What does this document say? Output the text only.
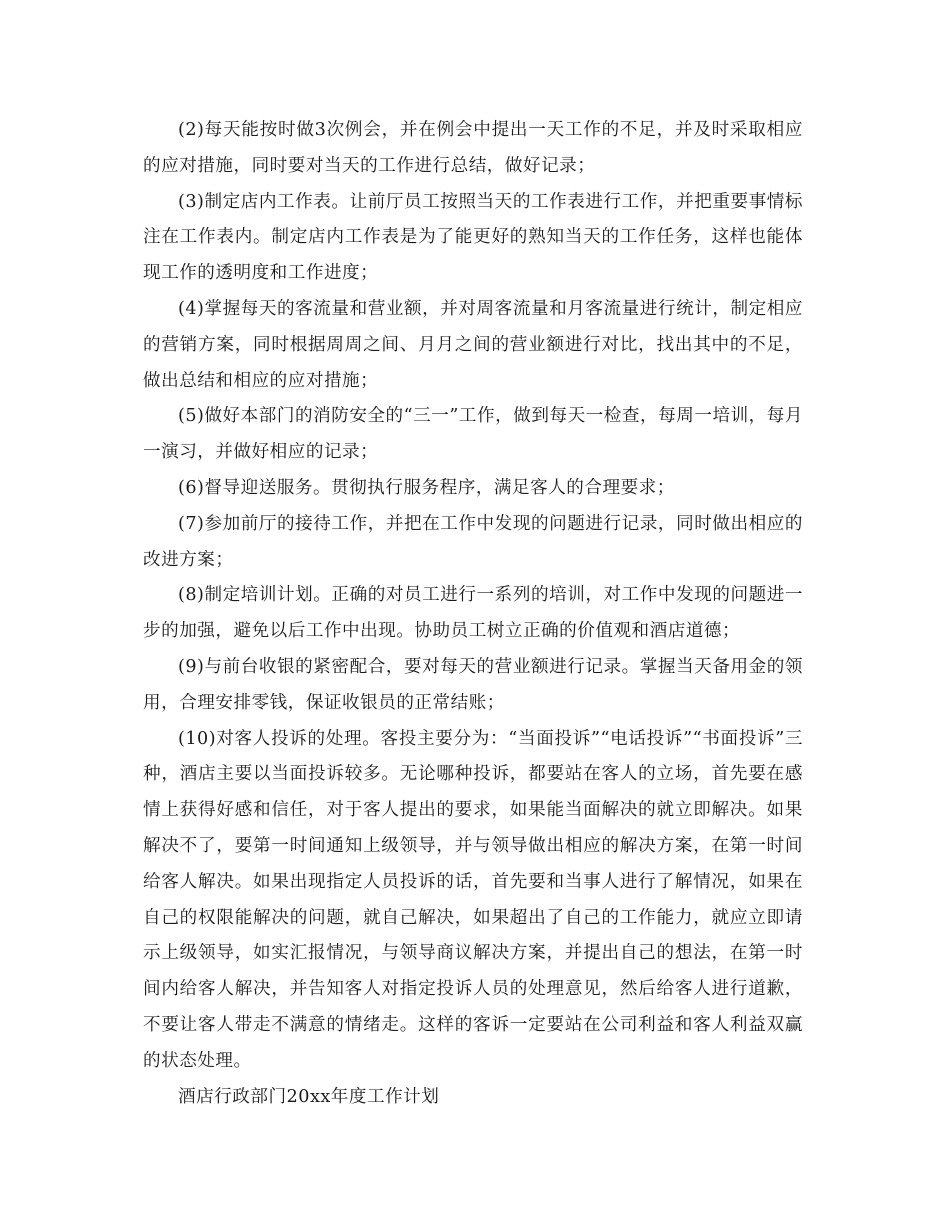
(2)每天能按时做3次例会，并在例会中提出一天工作的不足，并及时采取相应的应对措施，同时要对当天的工作进行总结，做好记录；

(3)制定店内工作表。让前厅员工按照当天的工作表进行工作，并把重要事情标注在工作表内。制定店内工作表是为了能更好的熟知当天的工作任务，这样也能体现工作的透明度和工作进度；

(4)掌握每天的客流量和营业额，并对周客流量和月客流量进行统计，制定相应的营销方案，同时根据周周之间、月月之间的营业额进行对比，找出其中的不足，做出总结和相应的应对措施；

(5)做好本部门的消防安全的“三一”工作，做到每天一检查，每周一培训，每月一演习，并做好相应的记录；

(6)督导迎送服务。贯彻执行服务程序，满足客人的合理要求；

(7)参加前厅的接待工作，并把在工作中发现的问题进行记录，同时做出相应的改进方案；

(8)制定培训计划。正确的对员工进行一系列的培训，对工作中发现的问题进一步的加强，避免以后工作中出现。协助员工树立正确的价值观和酒店道德；

(9)与前台收银的紧密配合，要对每天的营业额进行记录。掌握当天备用金的领用，合理安排零钱，保证收银员的正常结账；

(10)对客人投诉的处理。客投主要分为：“当面投诉”“电话投诉”“书面投诉”三种，酒店主要以当面投诉较多。无论哪种投诉，都要站在客人的立场，首先要在感情上获得好感和信任，对于客人提出的要求，如果能当面解决的就立即解决。如果解决不了，要第一时间通知上级领导，并与领导做出相应的解决方案，在第一时间给客人解决。如果出现指定人员投诉的话，首先要和当事人进行了解情况，如果在自己的权限能解决的问题，就自己解决，如果超出了自己的工作能力，就应立即请示上级领导，如实汇报情况，与领导商议解决方案，并提出自己的想法，在第一时间内给客人解决，并告知客人对指定投诉人员的处理意见，然后给客人进行道歉，不要让客人带走不满意的情绪走。这样的客诉一定要站在公司利益和客人利益双赢的状态处理。

酒店行政部门20xx年度工作计划
